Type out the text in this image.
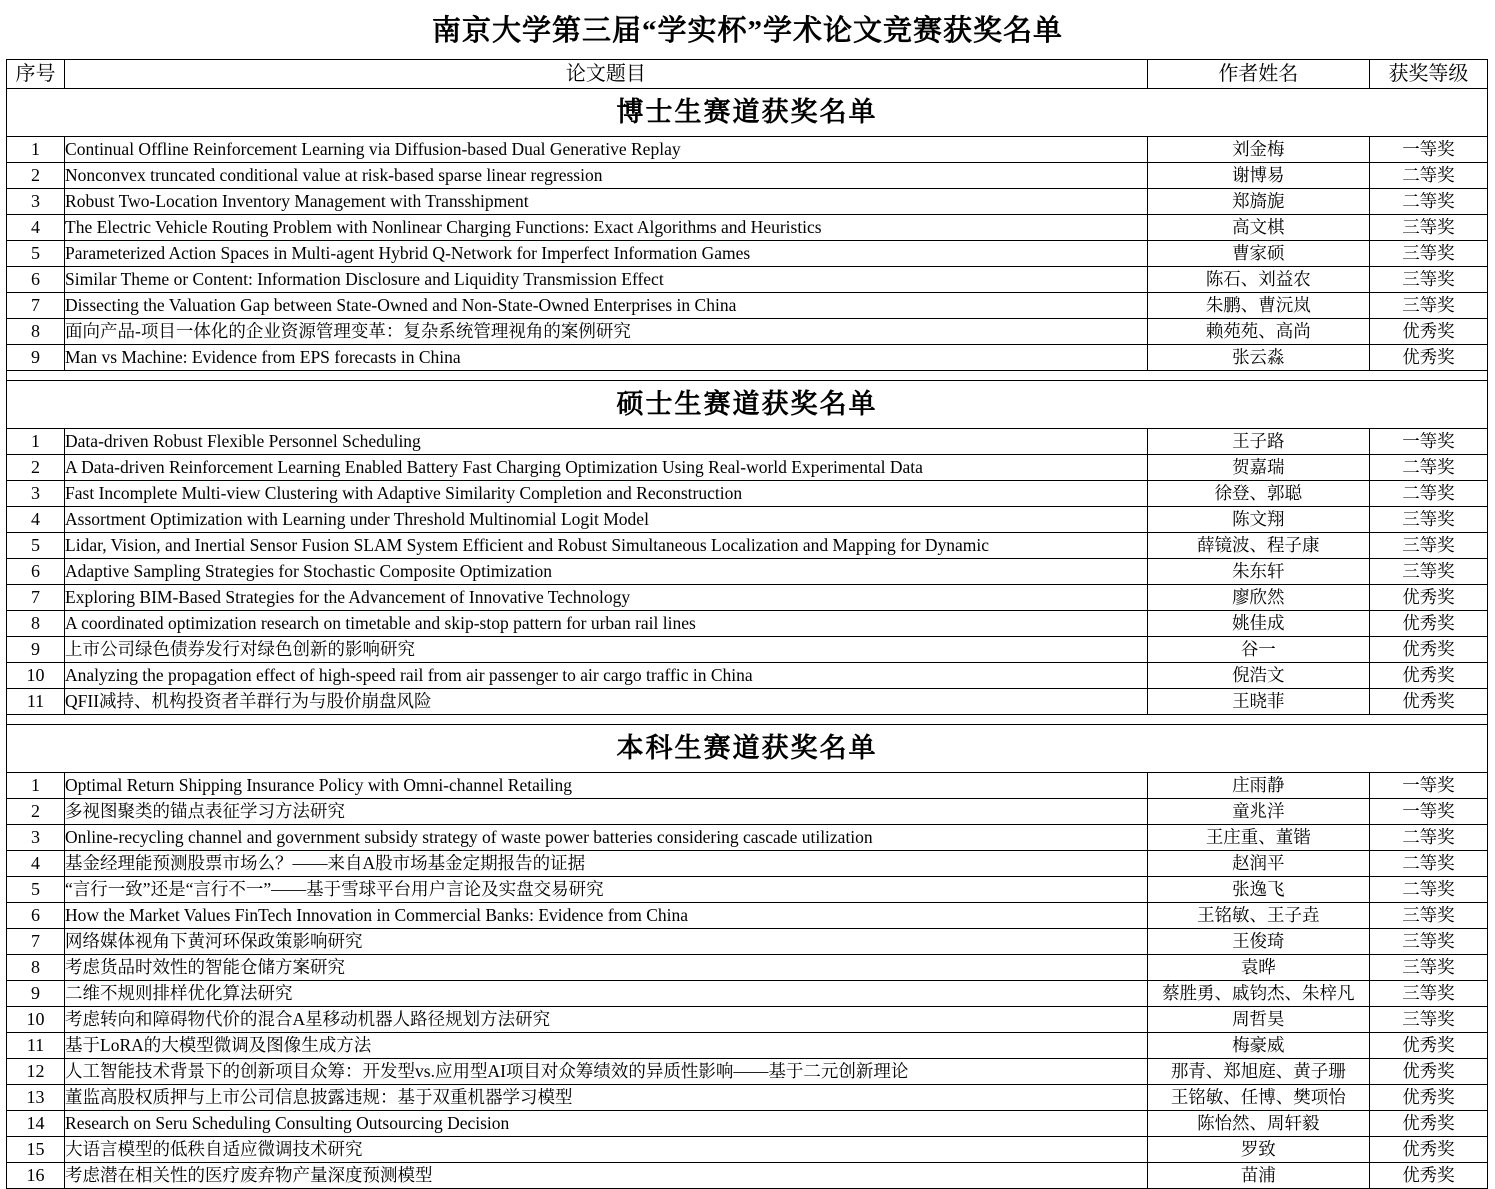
南京大学第三届“学实杯”学术论文竞赛获奖名单
序号	论文题目	作者姓名	获奖等级
博士生赛道获奖名单			
1	Continual Offline Reinforcement Learning via Diffusion-based Dual Generative Replay	刘金梅	一等奖
2	Nonconvex truncated conditional value at risk-based sparse linear regression	谢博易	二等奖
3	Robust Two-Location Inventory Management with Transshipment	郑旖旎	二等奖
4	The Electric Vehicle Routing Problem with Nonlinear Charging Functions: Exact Algorithms and Heuristics	高文棋	三等奖
5	Parameterized Action Spaces in Multi-agent Hybrid Q-Network for Imperfect Information Games	曹家硕	三等奖
6	Similar Theme or Content: Information Disclosure and Liquidity Transmission Effect	陈石、刘益农	三等奖
7	Dissecting the Valuation Gap between State-Owned and Non-State-Owned Enterprises in China	朱鹏、曹沅岚	三等奖
8	面向产品-项目一体化的企业资源管理变革：复杂系统管理视角的案例研究	赖苑苑、高尚	优秀奖
9	Man vs Machine: Evidence from EPS forecasts in China	张云淼	优秀奖

硕士生赛道获奖名单			
1	Data-driven Robust Flexible Personnel Scheduling	王子路	一等奖
2	A Data-driven Reinforcement Learning Enabled Battery Fast Charging Optimization Using Real-world Experimental Data	贺嘉瑞	二等奖
3	Fast Incomplete Multi-view Clustering with Adaptive Similarity Completion and Reconstruction	徐登、郭聪	二等奖
4	Assortment Optimization with Learning under Threshold Multinomial Logit Model	陈文翔	三等奖
5	Lidar, Vision, and Inertial Sensor Fusion SLAM System Efficient and Robust Simultaneous Localization and Mapping for Dynamic	薛镜波、程子康	三等奖
6	Adaptive Sampling Strategies for Stochastic Composite Optimization	朱东轩	三等奖
7	Exploring BIM-Based Strategies for the Advancement of Innovative Technology	廖欣然	优秀奖
8	A coordinated optimization research on timetable and skip-stop pattern for urban rail lines	姚佳成	优秀奖
9	上市公司绿色债券发行对绿色创新的影响研究	谷一	优秀奖
10	Analyzing the propagation effect of high-speed rail from air passenger to air cargo traffic in China	倪浩文	优秀奖
11	QFII减持、机构投资者羊群行为与股价崩盘风险	王晓菲	优秀奖

本科生赛道获奖名单			
1	Optimal Return Shipping Insurance Policy with Omni-channel Retailing	庄雨静	一等奖
2	多视图聚类的锚点表征学习方法研究	童兆洋	一等奖
3	Online-recycling channel and government subsidy strategy of waste power batteries considering cascade utilization	王庄重、董锴	二等奖
4	基金经理能预测股票市场么？——来自A股市场基金定期报告的证据	赵润平	二等奖
5	“言行一致”还是“言行不一”——基于雪球平台用户言论及实盘交易研究	张逸飞	二等奖
6	How the Market Values FinTech Innovation in Commercial Banks: Evidence from China	王铭敏、王子垚	三等奖
7	网络媒体视角下黄河环保政策影响研究	王俊琦	三等奖
8	考虑货品时效性的智能仓储方案研究	袁晔	三等奖
9	二维不规则排样优化算法研究	蔡胜勇、戚钧杰、朱梓凡	三等奖
10	考虑转向和障碍物代价的混合A星移动机器人路径规划方法研究	周哲昊	三等奖
11	基于LoRA的大模型微调及图像生成方法	梅豪威	优秀奖
12	人工智能技术背景下的创新项目众筹：开发型vs.应用型AI项目对众筹绩效的异质性影响——基于二元创新理论	那青、郑旭庭、黄子珊	优秀奖
13	董监高股权质押与上市公司信息披露违规：基于双重机器学习模型	王铭敏、任博、樊项怡	优秀奖
14	Research on Seru Scheduling Consulting Outsourcing Decision	陈怡然、周轩毅	优秀奖
15	大语言模型的低秩自适应微调技术研究	罗致	优秀奖
16	考虑潜在相关性的医疗废弃物产量深度预测模型	苗浦	优秀奖
